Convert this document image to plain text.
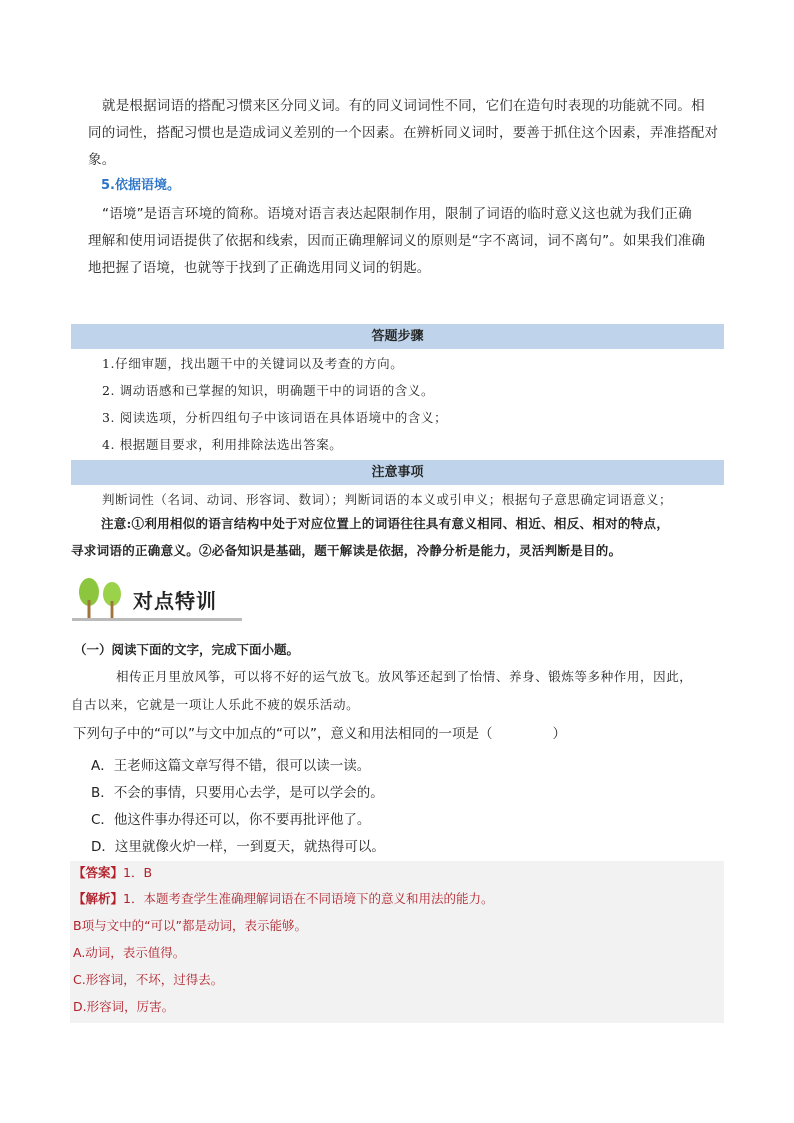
就是根据词语的搭配习惯来区分同义词。有的同义词词性不同，它们在造句时表现的功能就不同。相
同的词性，搭配习惯也是造成词义差别的一个因素。在辨析同义词时，要善于抓住这个因素，弄准搭配对
象。
5.依据语境。
“语境”是语言环境的简称。语境对语言表达起限制作用，限制了词语的临时意义这也就为我们正确
理解和使用词语提供了依据和线索，因而正确理解词义的原则是“字不离词，词不离句”。如果我们准确
地把握了语境，也就等于找到了正确选用同义词的钥匙。
答题步骤
1.仔细审题，找出题干中的关键词以及考查的方向。
2. 调动语感和已掌握的知识，明确题干中的词语的含义。
3. 阅读选项，分析四组句子中该词语在具体语境中的含义；
4. 根据题目要求，利用排除法选出答案。
注意事项
判断词性（名词、动词、形容词、数词）；判断词语的本义或引申义；根据句子意思确定词语意义；
注意:①利用相似的语言结构中处于对应位置上的词语往往具有意义相同、相近、相反、相对的特点，
寻求词语的正确意义。②必备知识是基础，题干解读是依据，冷静分析是能力，灵活判断是目的。
对点特训
（一）阅读下面的文字，完成下面小题。
相传正月里放风筝，可以将不好的运气放飞。放风筝还起到了怡情、养身、锻炼等多种作用，因此，
自古以来，它就是一项让人乐此不疲的娱乐活动。
下列句子中的“可以”与文中加点的“可以”，意义和用法相同的一项是（	）
A．王老师这篇文章写得不错，很可以读一读。
B．不会的事情，只要用心去学，是可以学会的。
C．他这件事办得还可以，你不要再批评他了。
D．这里就像火炉一样，一到夏天，就热得可以。
【答案】1．B
【解析】1．本题考查学生准确理解词语在不同语境下的意义和用法的能力。
B项与文中的“可以”都是动词，表示能够。
A.动词，表示值得。
C.形容词，不坏，过得去。
D.形容词，厉害。
